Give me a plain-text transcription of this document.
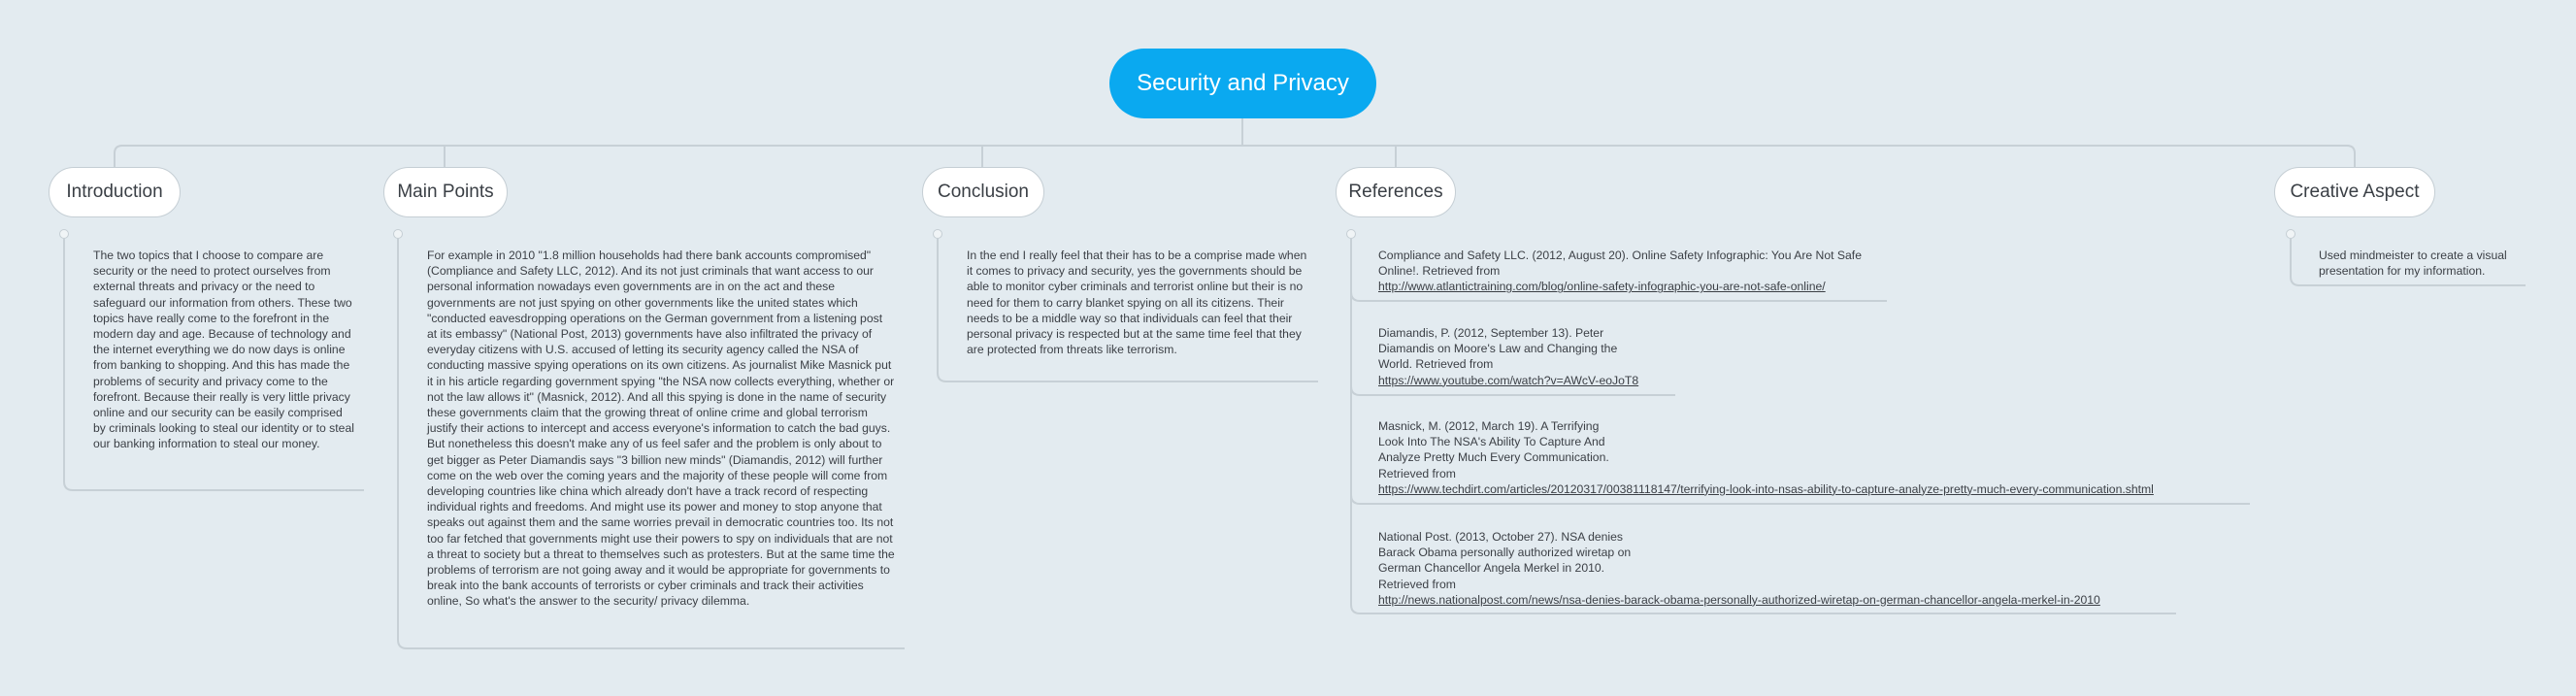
Security and Privacy
Introduction	Main Points	Conclusion	References	Creative Aspect
The two topics that I choose to compare are security or the need to protect ourselves from external threats and privacy or the need to safeguard our information from others. These two topics have really come to the forefront in the modern day and age. Because of technology and the internet everything we do now days is online from banking to shopping. And this has made the problems of security and privacy come to the forefront. Because their really is very little privacy online and our security can be easily comprised by criminals looking to steal our identity or to steal our banking information to steal our money.
For example in 2010 "1.8 million households had there bank accounts compromised" (Compliance and Safety LLC, 2012). And its not just criminals that want access to our personal information nowadays even governments are in on the act and these governments are not just spying on other governments like the united states which "conducted eavesdropping operations on the German government from a listening post at its embassy" (National Post, 2013) governments have also infiltrated the privacy of everyday citizens with U.S. accused of letting its security agency called the NSA of conducting massive spying operations on its own citizens. As journalist Mike Masnick put it in his article regarding government spying "the NSA now collects everything, whether or not the law allows it" (Masnick, 2012). And all this spying is done in the name of security these governments claim that the growing threat of online crime and global terrorism justify their actions to intercept and access everyone's information to catch the bad guys. But nonetheless this doesn't make any of us feel safer and the problem is only about to get bigger as Peter Diamandis says "3 billion new minds" (Diamandis, 2012) will further come on the web over the coming years and the majority of these people will come from developing countries like china which already don't have a track record of respecting individual rights and freedoms. And might use its power and money to stop anyone that speaks out against them and the same worries prevail in democratic countries too. Its not too far fetched that governments might use their powers to spy on individuals that are not a threat to society but a threat to themselves such as protesters. But at the same time the problems of terrorism are not going away and it would be appropriate for governments to break into the bank accounts of terrorists or cyber criminals and track their activities online, So what's the answer to the security/ privacy dilemma.
In the end I really feel that their has to be a comprise made when it comes to privacy and security, yes the governments should be able to monitor cyber criminals and terrorist online but their is no need for them to carry blanket spying on all its citizens. Their needs to be a middle way so that individuals can feel that their personal privacy is respected but at the same time feel that they are protected from threats like terrorism.
Compliance and Safety LLC. (2012, August 20). Online Safety Infographic: You Are Not Safe Online!. Retrieved from
http://www.atlantictraining.com/blog/online-safety-infographic-you-are-not-safe-online/
Diamandis, P. (2012, September 13). Peter Diamandis on Moore's Law and Changing the World. Retrieved from
https://www.youtube.com/watch?v=AWcV-eoJoT8
Masnick, M. (2012, March 19). A Terrifying Look Into The NSA's Ability To Capture And Analyze Pretty Much Every Communication. Retrieved from
https://www.techdirt.com/articles/20120317/00381118147/terrifying-look-into-nsas-ability-to-capture-analyze-pretty-much-every-communication.shtml
National Post. (2013, October 27). NSA denies Barack Obama personally authorized wiretap on German Chancellor Angela Merkel in 2010. Retrieved from
http://news.nationalpost.com/news/nsa-denies-barack-obama-personally-authorized-wiretap-on-german-chancellor-angela-merkel-in-2010
Used mindmeister to create a visual presentation for my information.
